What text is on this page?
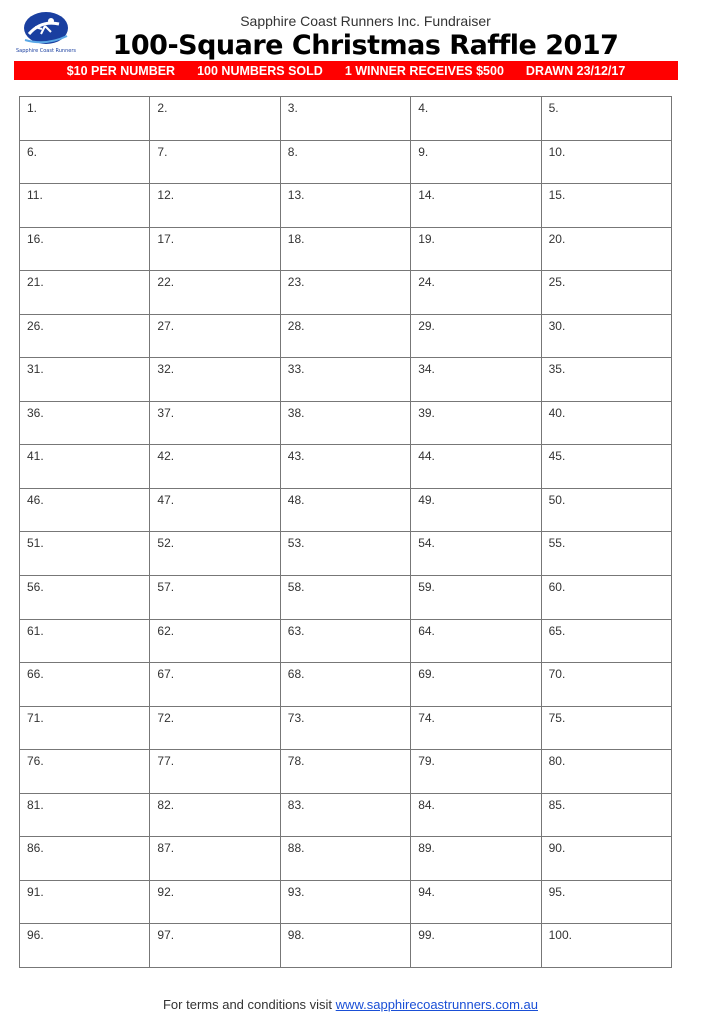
Sapphire Coast Runners
Sapphire Coast Runners Inc. Fundraiser
100-Square Christmas Raffle 2017
$10 PER NUMBER 100 NUMBERS SOLD 1 WINNER RECEIVES $500 DRAWN 23/12/17
1.	2.	3.	4.	5.
6.	7.	8.	9.	10.
11.	12.	13.	14.	15.
16.	17.	18.	19.	20.
21.	22.	23.	24.	25.
26.	27.	28.	29.	30.
31.	32.	33.	34.	35.
36.	37.	38.	39.	40.
41.	42.	43.	44.	45.
46.	47.	48.	49.	50.
51.	52.	53.	54.	55.
56.	57.	58.	59.	60.
61.	62.	63.	64.	65.
66.	67.	68.	69.	70.
71.	72.	73.	74.	75.
76.	77.	78.	79.	80.
81.	82.	83.	84.	85.
86.	87.	88.	89.	90.
91.	92.	93.	94.	95.
96.	97.	98.	99.	100.
For terms and conditions visit www.sapphirecoastrunners.com.au
